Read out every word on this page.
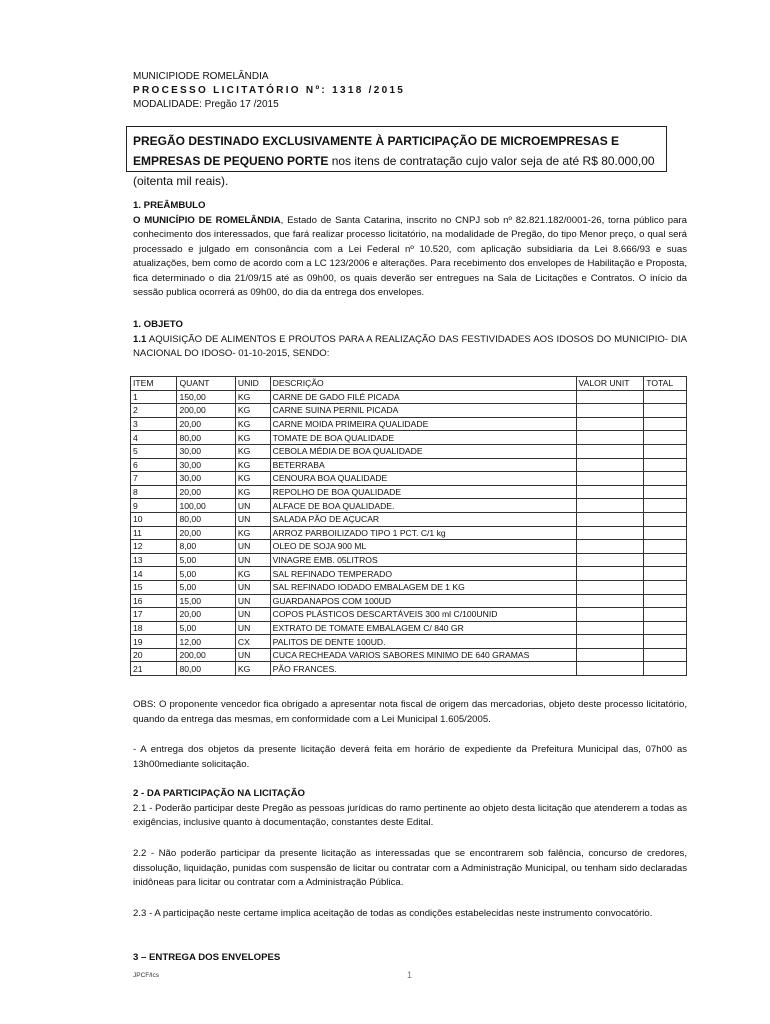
MUNICIPIODE ROMELÂNDIA
PROCESSO LICITATÓRIO Nº: 1318 /2015
MODALIDADE: Pregão 17 /2015
PREGÃO DESTINADO EXCLUSIVAMENTE À PARTICIPAÇÃO DE MICROEMPRESAS E EMPRESAS DE PEQUENO PORTE nos itens de contratação cujo valor seja de até R$ 80.000,00 (oitenta mil reais).
1. PREÂMBULO
O MUNICÍPIO DE ROMELÂNDIA, Estado de Santa Catarina, inscrito no CNPJ sob nº 82.821.182/0001-26, torna público para conhecimento dos interessados, que fará realizar processo licitatório, na modalidade de Pregão, do tipo Menor preço, o qual será processado e julgado em consonância com a Lei Federal nº 10.520, com aplicação subsidiaria da Lei 8.666/93 e suas atualizações, bem como de acordo com a LC 123/2006 e alterações. Para recebimento dos envelopes de Habilitação e Proposta, fica determinado o dia 21/09/15 até as 09h00, os quais deverão ser entregues na Sala de Licitações e Contratos. O início da sessão publica ocorrerá as 09h00, do dia da entrega dos envelopes.
1. OBJETO
1.1 AQUISIÇÃO DE ALIMENTOS E PROUTOS PARA A REALIZAÇÃO DAS FESTIVIDADES AOS IDOSOS DO MUNICIPIO- DIA NACIONAL DO IDOSO- 01-10-2015, SENDO:
ITEM	QUANT	UNID	DESCRIÇÃO	VALOR UNIT	TOTAL
1	150,00	KG	CARNE DE GADO FILÉ PICADA		
2	200,00	KG	CARNE SUINA PERNIL PICADA		
3	20,00	KG	CARNE MOIDA PRIMEIRA QUALIDADE		
4	80,00	KG	TOMATE DE BOA QUALIDADE		
5	30,00	KG	CEBOLA MÉDIA DE BOA QUALIDADE		
6	30,00	KG	BETERRABA		
7	30,00	KG	CENOURA BOA QUALIDADE		
8	20,00	KG	REPOLHO DE BOA QUALIDADE		
9	100,00	UN	ALFACE DE BOA QUALIDADE.		
10	80,00	UN	SALADA PÃO DE AÇUCAR		
11	20,00	KG	ARROZ PARBOILIZADO TIPO 1 PCT. C/1 kg		
12	8,00	UN	OLEO DE SOJA 900 ML		
13	5,00	UN	VINAGRE EMB. 05LITROS		
14	5,00	KG	SAL REFINADO TEMPERADO		
15	5,00	UN	SAL REFINADO IODADO EMBALAGEM DE 1 KG		
16	15,00	UN	GUARDANAPOS COM 100UD		
17	20,00	UN	COPOS PLÁSTICOS DESCARTÁVEIS 300 ml C/100UNID		
18	5,00	UN	EXTRATO DE TOMATE EMBALAGEM C/ 840 GR		
19	12,00	CX	PALITOS DE DENTE 100UD.		
20	200,00	UN	CUCA RECHEADA VARIOS SABORES MINIMO DE 640 GRAMAS		
21	80,00	KG	PÃO FRANCES.		
OBS: O proponente vencedor fica obrigado a apresentar nota fiscal de origem das mercadorias, objeto deste processo licitatório, quando da entrega das mesmas, em conformidade com a Lei Municipal 1.605/2005.
- A entrega dos objetos da presente licitação deverá feita em horário de expediente da Prefeitura Municipal das, 07h00 as 13h00mediante solicitação.
2 - DA PARTICIPAÇÃO NA LICITAÇÃO
2.1 - Poderão participar deste Pregão as pessoas jurídicas do ramo pertinente ao objeto desta licitação que atenderem a todas as exigências, inclusive quanto à documentação, constantes deste Edital.
2.2 - Não poderão participar da presente licitação as interessadas que se encontrarem sob falência, concurso de credores, dissolução, liquidação, punidas com suspensão de licitar ou contratar com a Administração Municipal, ou tenham sido declaradas inidôneas para licitar ou contratar com a Administração Pública.
2.3 - A participação neste certame implica aceitação de todas as condições estabelecidas neste instrumento convocatório.
3 – ENTREGA DOS ENVELOPES
JPCF/lcs	1
